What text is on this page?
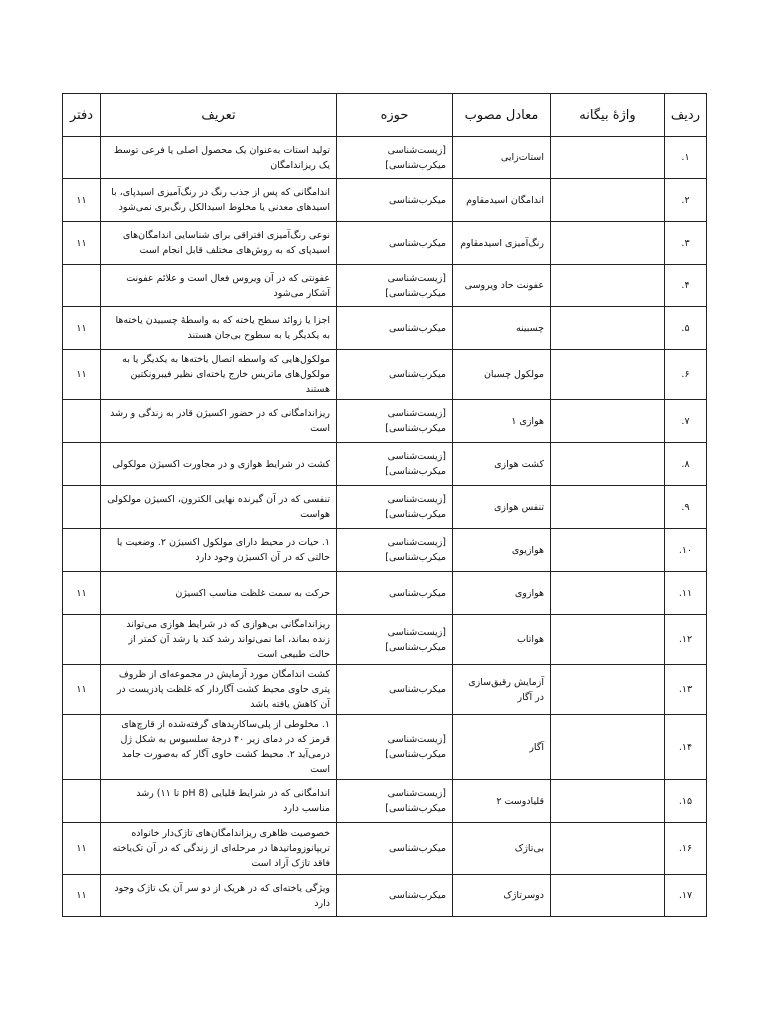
ردیف	واژهٔ بیگانه	معادل مصوب	حوزه	تعریف	دفتر
۱.		استات‌زایی	[زیست‌شناسی‌ میکرب‌شناسی]	تولید استات به‌عنوان یک محصول اصلی یا فرعی توسط یک ریزاندامگان	
۲.		اندامگان اسیدمقاوم	میکرب‌شناسی	اندامگانی که پس از جذب رنگ در رنگ‌آمیزی اسیدپای، با اسیدهای معدنی یا مخلوط اسیدالکل رنگ‌بری نمی‌شود	۱۱
۳.		رنگ‌آمیزی اسیدمقاوم	میکرب‌شناسی	نوعی رنگ‌آمیزی افتراقی برای شناسایی اندامگان‌های اسیدپای که به روش‌های مختلف قابل انجام است	۱۱
۴.		عفونت حاد ویروسی	[زیست‌شناسی‌ میکرب‌شناسی]	عفونتی که در آن ویروس فعال است و علائم عفونت آشکار می‌شود	
۵.		چسبینه	میکرب‌شناسی	اجزا یا زوائد سطح یاخته که به واسطهٔ چسبیدن یاخته‌ها به یکدیگر یا به سطوح بی‌جان هستند	۱۱
۶.		مولکول چسبان	میکرب‌شناسی	مولکول‌هایی که واسطه اتصال یاخته‌ها به یکدیگر یا به مولکول‌های ماتریس خارج یاخته‌ای نظیر فیبرونکتین هستند	۱۱
۷.		هوازی ۱	[زیست‌شناسی‌ میکرب‌شناسی]	ریزاندامگانی که در حضور اکسیژن قادر به زندگی و رشد است	
۸.		کشت هوازی	[زیست‌شناسی‌ میکرب‌شناسی]	کشت در شرایط هوازی و در مجاورت اکسیژن مولکولی	
۹.		تنفس هوازی	[زیست‌شناسی‌ میکرب‌شناسی]	تنفسی که در آن گیرنده نهایی الکترون، اکسیژن مولکولی هواست	
۱۰.		هوازیوی	[زیست‌شناسی‌ میکرب‌شناسی]	۱. حیات در محیط دارای مولکول اکسیژن ۲. وضعیت یا حالتی که در آن اکسیژن وجود دارد	
۱۱.		هوازوی	میکرب‌شناسی	حرکت به سمت غلظت مناسب اکسیژن	۱۱
۱۲.		هواتاب	[زیست‌شناسی‌ میکرب‌شناسی]	ریزاندامگانی بی‌هوازی که در شرایط هوازی می‌تواند زنده بماند، اما نمی‌تواند رشد کند یا رشد آن کمتر از حالت طبیعی است	
۱۳.		آزمایش رقیق‌سازی در آگار	میکرب‌شناسی	کشت اندامگان مورد آزمایش در مجموعه‌ای از ظروف پتری حاوی محیط کشت آگاردار که غلظت پادزیست در آن کاهش یافته باشد	۱۱
۱۴.		آگار	[زیست‌شناسی‌ میکرب‌شناسی]	۱. مخلوطی از پلی‌ساکاریدهای گرفته‌شده از قارچ‌های قرمز که در دمای زیر ۴۰ درجهٔ سلسیوس به شکل ژل درمی‌آید ۲. محیط کشت حاوی آگار که به‌صورت جامد است	
۱۵.		قلیادوست ۲	[زیست‌شناسی‌ میکرب‌شناسی]	اندامگانی که در شرایط قلیایی (pH 8 تا ۱۱) رشد مناسب دارد	
۱۶.		بی‌تاژک	میکرب‌شناسی	خصوصیت ظاهری ریزاندامگان‌های تاژک‌دار خانواده تریپانوزوماتیدها در مرحله‌ای از زندگی که در آن تک‌یاخته فاقد تاژک آزاد است	۱۱
۱۷.		دوسرتاژک	میکرب‌شناسی	ویژگی یاخته‌ای که در هریک از دو سر آن یک تاژک وجود دارد	۱۱
